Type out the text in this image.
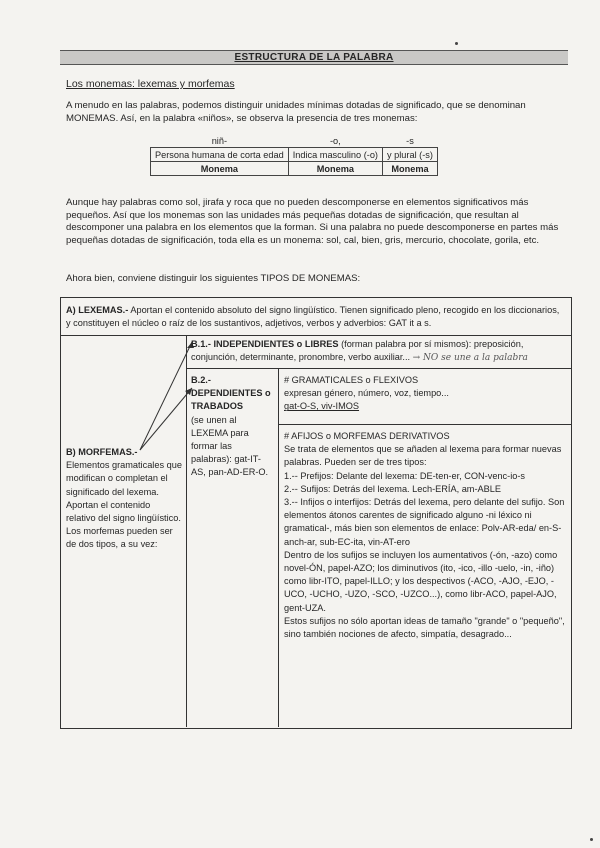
ESTRUCTURA DE LA PALABRA
Los monemas: lexemas y morfemas
A menudo en las palabras, podemos distinguir unidades mínimas dotadas de significado, que se denominan MONEMAS. Así, en la palabra «niños», se observa la presencia de tres monemas:
niñ-	-o,	-s
Persona humana de corta edad	Indica masculino (-o)	y plural (-s)
Monema	Monema	Monema
Aunque hay palabras como sol, jirafa y roca que no pueden descomponerse en elementos significativos más pequeños. Así que los monemas son las unidades más pequeñas dotadas de significación, que resultan al descomponer una palabra en los elementos que la forman. Si una palabra no puede descomponerse en partes más pequeñas dotadas de significación, toda ella es un monema: sol, cal, bien, gris, mercurio, chocolate, gorila, etc.
Ahora bien, conviene distinguir los siguientes TIPOS DE MONEMAS:
A) LEXEMAS.- Aportan el contenido absoluto del signo lingüístico. Tienen significado pleno, recogido en los diccionarios, y constituyen el núcleo o raíz de los sustantivos, adjetivos, verbos y adverbios: GAT it a s.
B) MORFEMAS.-
Elementos gramaticales que modifican o completan el significado del lexema. Aportan el contenido relativo del signo lingüístico. Los morfemas pueden ser de dos tipos, a su vez:
B.1.- INDEPENDIENTES o LIBRES (forman palabra por sí mismos): preposición, conjunción, determinante, pronombre, verbo auxiliar... → NO se une a la palabra
B.2.- DEPENDIENTES o TRABADOS
(se unen al LEXEMA para formar las palabras): gat-IT-AS, pan-AD-ER-O.
# GRAMATICALES o FLEXIVOS
expresan género, número, voz, tiempo...
gat-O-S, viv-IMOS
# AFIJOS o MORFEMAS DERIVATIVOS
Se trata de elementos que se añaden al lexema para formar nuevas palabras. Pueden ser de tres tipos:
1.-- Prefijos: Delante del lexema: DE-ten-er, CON-venc-io-s
2.-- Sufijos: Detrás del lexema. Lech-ERÍA, am-ABLE
3.-- Infijos o interfijos: Detrás del lexema, pero delante del sufijo. Son elementos átonos carentes de significado alguno -ni léxico ni gramatical-, más bien son elementos de enlace: Polv-AR-eda/ en-S-anch-ar, sub-EC-ita, vin-AT-ero
Dentro de los sufijos se incluyen los aumentativos (-ón, -azo) como novel-ÓN, papel-AZO; los diminutivos (ito, -ico, -illo -uelo, -in, -iño) como libr-ITO, papel-ILLO; y los despectivos (-ACO, -AJO, -EJO, -UCO, -UCHO, -UZO, -SCO, -UZCO...), como libr-ACO, papel-AJO, gent-UZA.
Estos sufijos no sólo aportan ideas de tamaño "grande" o "pequeño", sino también nociones de afecto, simpatía, desagrado...
